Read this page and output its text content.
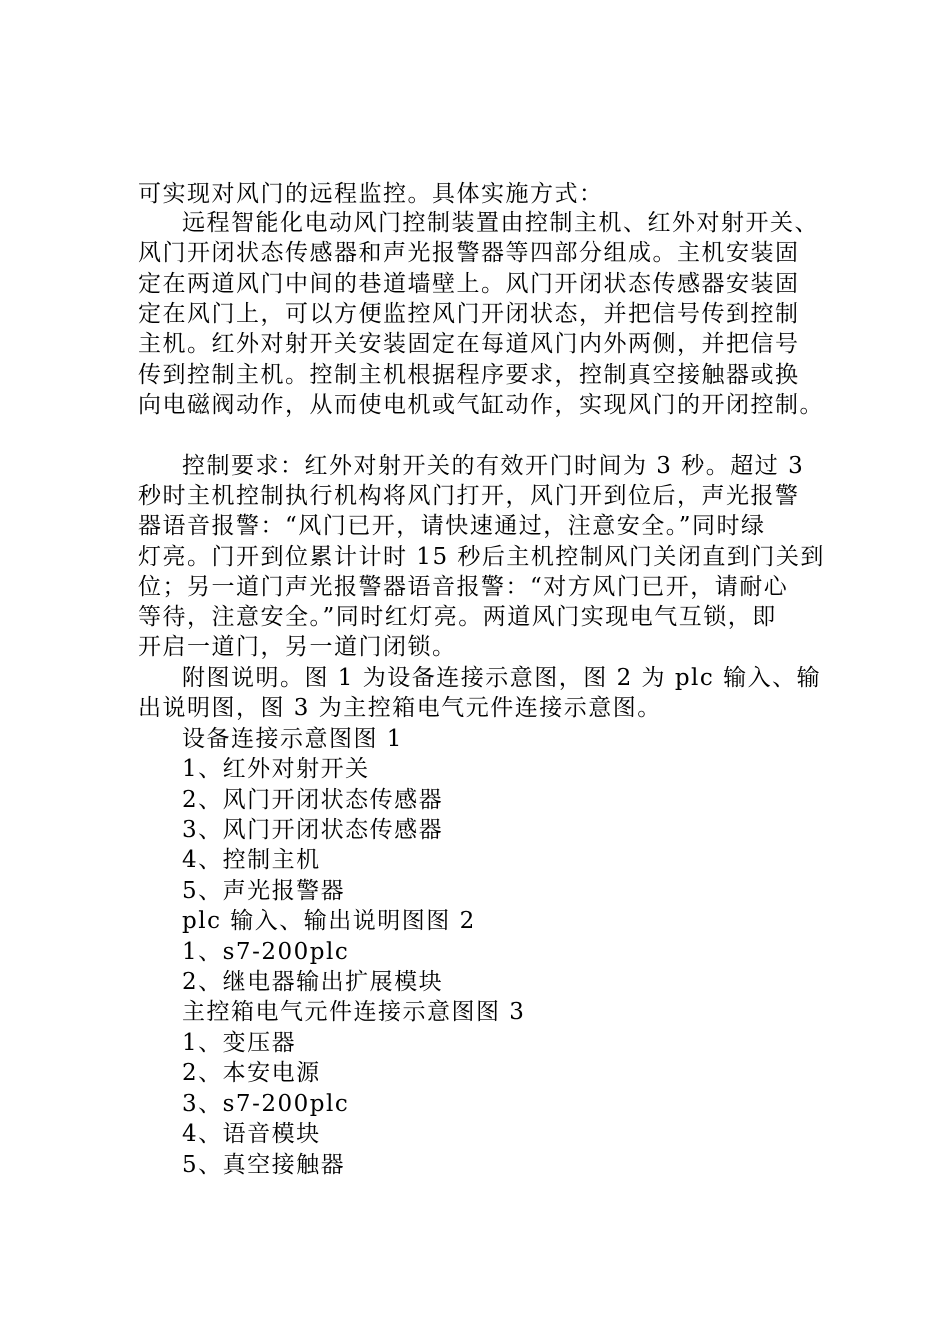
可实现对风门的远程监控。具体实施方式：
远程智能化电动风门控制装置由控制主机、红外对射开关、
风门开闭状态传感器和声光报警器等四部分组成。主机安装固
定在两道风门中间的巷道墙壁上。风门开闭状态传感器安装固
定在风门上，可以方便监控风门开闭状态，并把信号传到控制
主机。红外对射开关安装固定在每道风门内外两侧，并把信号
传到控制主机。控制主机根据程序要求，控制真空接触器或换
向电磁阀动作，从而使电机或气缸动作，实现风门的开闭控制。
控制要求：红外对射开关的有效开门时间为 3 秒。超过 3
秒时主机控制执行机构将风门打开，风门开到位后，声光报警
器语音报警：“风门已开，请快速通过，注意安全。”同时绿
灯亮。门开到位累计计时 15 秒后主机控制风门关闭直到门关到
位；另一道门声光报警器语音报警：“对方风门已开，请耐心
等待，注意安全。”同时红灯亮。两道风门实现电气互锁，即
开启一道门，另一道门闭锁。
附图说明。图 1 为设备连接示意图，图 2 为 plc 输入、输
出说明图，图 3 为主控箱电气元件连接示意图。
设备连接示意图图 1
1、红外对射开关
2、风门开闭状态传感器
3、风门开闭状态传感器
4、控制主机
5、声光报警器
plc 输入、输出说明图图 2
1、s7-200plc
2、继电器输出扩展模块
主控箱电气元件连接示意图图 3
1、变压器
2、本安电源
3、s7-200plc
4、语音模块
5、真空接触器
